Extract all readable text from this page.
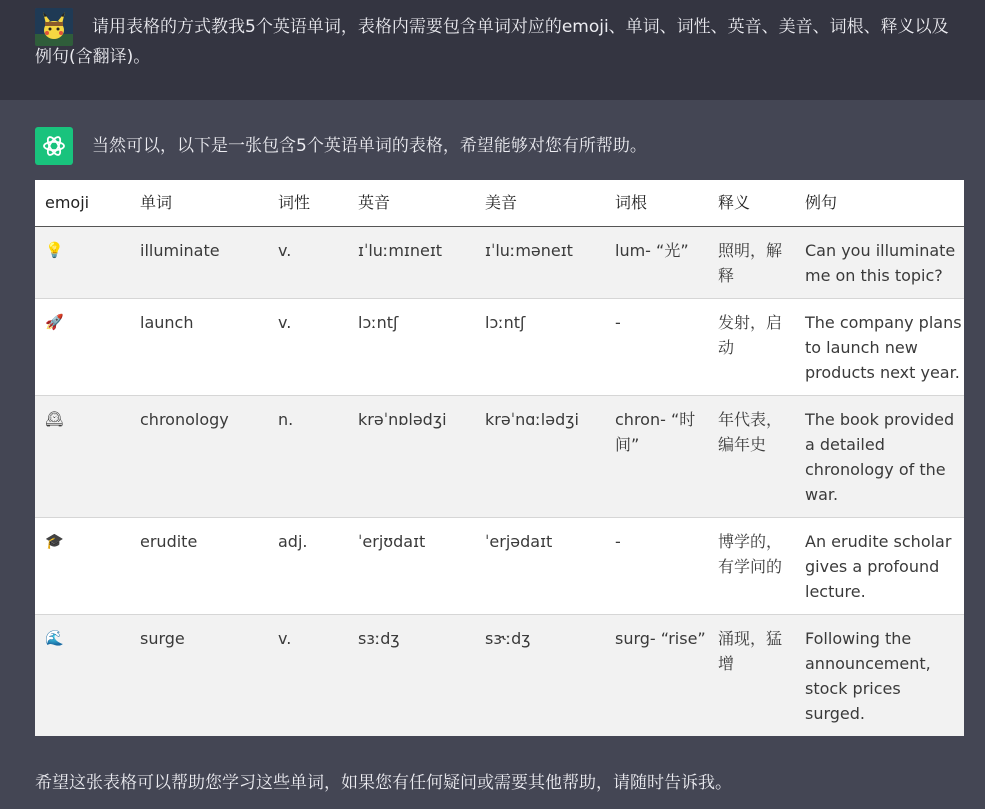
请用表格的方式教我5个英语单词，表格内需要包含单词对应的emoji、单词、词性、英音、美音、词根、释义以及例句(含翻译)。

当然可以，以下是一张包含5个英语单词的表格，希望能够对您有所帮助。

emoji	单词	词性	英音	美音	词根	释义	例句
💡	illuminate	v.	ɪˈluːmɪneɪt	ɪˈluːməneɪt	lum- “光”	照明，解释	Can you illuminate me on this topic?
🚀	launch	v.	lɔːntʃ	lɔːntʃ	-	发射，启动	The company plans to launch new products next year.
🕰	chronology	n.	krəˈnɒlədʒi	krəˈnɑːlədʒi	chron- “时间”	年代表，编年史	The book provided a detailed chronology of the war.
🎓	erudite	adj.	ˈerjʊdaɪt	ˈerjədaɪt	-	博学的，有学问的	An erudite scholar gives a profound lecture.
🌊	surge	v.	sɜːdʒ	sɝːdʒ	surg- “rise”	涌现，猛增	Following the announcement, stock prices surged.

希望这张表格可以帮助您学习这些单词，如果您有任何疑问或需要其他帮助，请随时告诉我。
